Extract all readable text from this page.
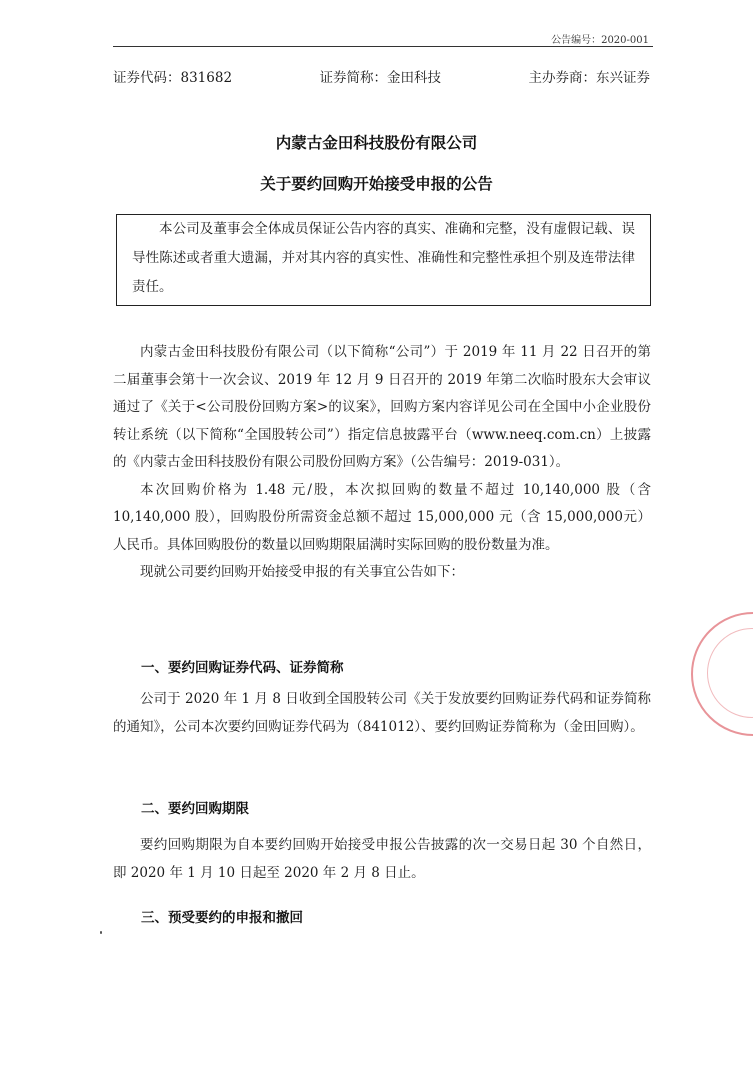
公告编号：2020-001
证券代码：831682	证券简称：金田科技	主办券商：东兴证券
内蒙古金田科技股份有限公司
关于要约回购开始接受申报的公告

本公司及董事会全体成员保证公告内容的真实、准确和完整，没有虚假记载、误导性陈述或者重大遗漏，并对其内容的真实性、准确性和完整性承担个别及连带法律责任。

内蒙古金田科技股份有限公司（以下简称“公司”）于 2019 年 11 月 22 日召开的第二届董事会第十一次会议、2019 年 12 月 9 日召开的 2019 年第二次临时股东大会审议通过了《关于<公司股份回购方案>的议案》，回购方案内容详见公司在全国中小企业股份转让系统（以下简称“全国股转公司”）指定信息披露平台（www.neeq.com.cn）上披露的《内蒙古金田科技股份有限公司股份回购方案》（公告编号：2019-031）。

本次回购价格为 1.48 元/股，本次拟回购的数量不超过 10,140,000 股（含10,140,000 股），回购股份所需资金总额不超过 15,000,000 元（含 15,000,000元）人民币。具体回购股份的数量以回购期限届满时实际回购的股份数量为准。

现就公司要约回购开始接受申报的有关事宜公告如下：

一、要约回购证券代码、证券简称

公司于 2020 年 1 月 8 日收到全国股转公司《关于发放要约回购证券代码和证券简称的通知》，公司本次要约回购证券代码为（841012）、要约回购证券简称为（金田回购）。

二、要约回购期限

要约回购期限为自本要约回购开始接受申报公告披露的次一交易日起 30 个自然日，即 2020 年 1 月 10 日起至 2020 年 2 月 8 日止。

三、预受要约的申报和撤回
